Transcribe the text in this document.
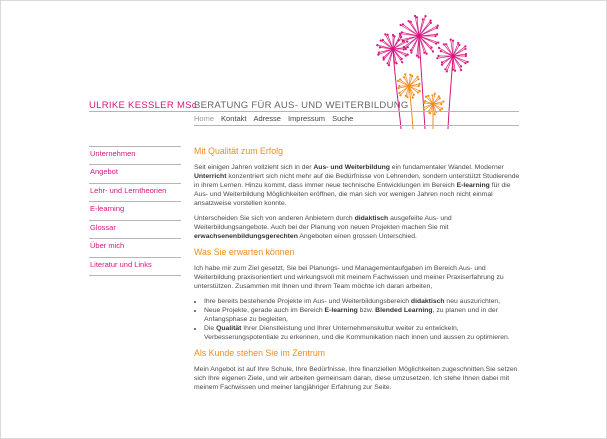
ULRIKE KESSLER MSc
BERATUNG FÜR AUS- UND WEITERBILDUNG
Home Kontakt Adresse Impressum Suche
Unternehmen
Angebot
Lehr- und Lerntheorien
E-learning
Glossar
Über mich
Literatur und Links
Mit Qualität zum Erfolg

Seit einigen Jahren vollzieht sich in der Aus- und Weiterbildung ein fundamentaler Wandel. Moderner Unterricht konzentriert sich nicht mehr auf die Bedürfnisse von Lehrenden, sondern unterstützt Studierende in ihrem Lernen. Hinzu kommt, dass immer neue technische Entwicklungen im Bereich E-learning für die Aus- und Weiterbildung Möglichkeiten eröffnen, die man sich vor wenigen Jahren noch nicht einmal ansatzweise vorstellen konnte.

Unterscheiden Sie sich von anderen Anbietern durch didaktisch ausgefeilte Aus- und Weiterbildungsangebote. Auch bei der Planung von neuen Projekten machen Sie mit erwachsenenbildungsgerechten Angeboten einen grossen Unterschied.

Was Sie erwarten können

Ich habe mir zum Ziel gesetzt, Sie bei Planungs- und Managementaufgaben im Bereich Aus- und Weiterbildung praxisorientiert und wirkungsvoll mit meinem Fachwissen und meiner Praxiserfahrung zu unterstützen. Zusammen mit Ihnen und Ihrem Team möchte ich daran arbeiten,

• Ihre bereits bestehende Projekte im Aus- und Weiterbildungsbereich didaktisch neu auszurichten,
• Neue Projekte, gerade auch im Bereich E-learning bzw. Blended Learning, zu planen und in der Anfangsphase zu begleiten,
• Die Qualität Ihrer Dienstleistung und Ihrer Unternehmenskultur weiter zu entwickeln, Verbesserungspotentiale zu erkennen, und die Kommunikation nach innen und aussen zu optimieren.
Als Kunde stehen Sie im Zentrum

Mein Angebot ist auf Ihre Schule, Ihre Bedürfnisse, Ihre finanziellen Möglichkeiten zugeschnitten.Sie setzen sich Ihre eigenen Ziele, und wir arbeiten gemeinsam daran, diese umzusetzen. Ich stehe Ihnen dabei mit meinem Fachwissen und meiner langjähriger Erfahrung zur Seite.
